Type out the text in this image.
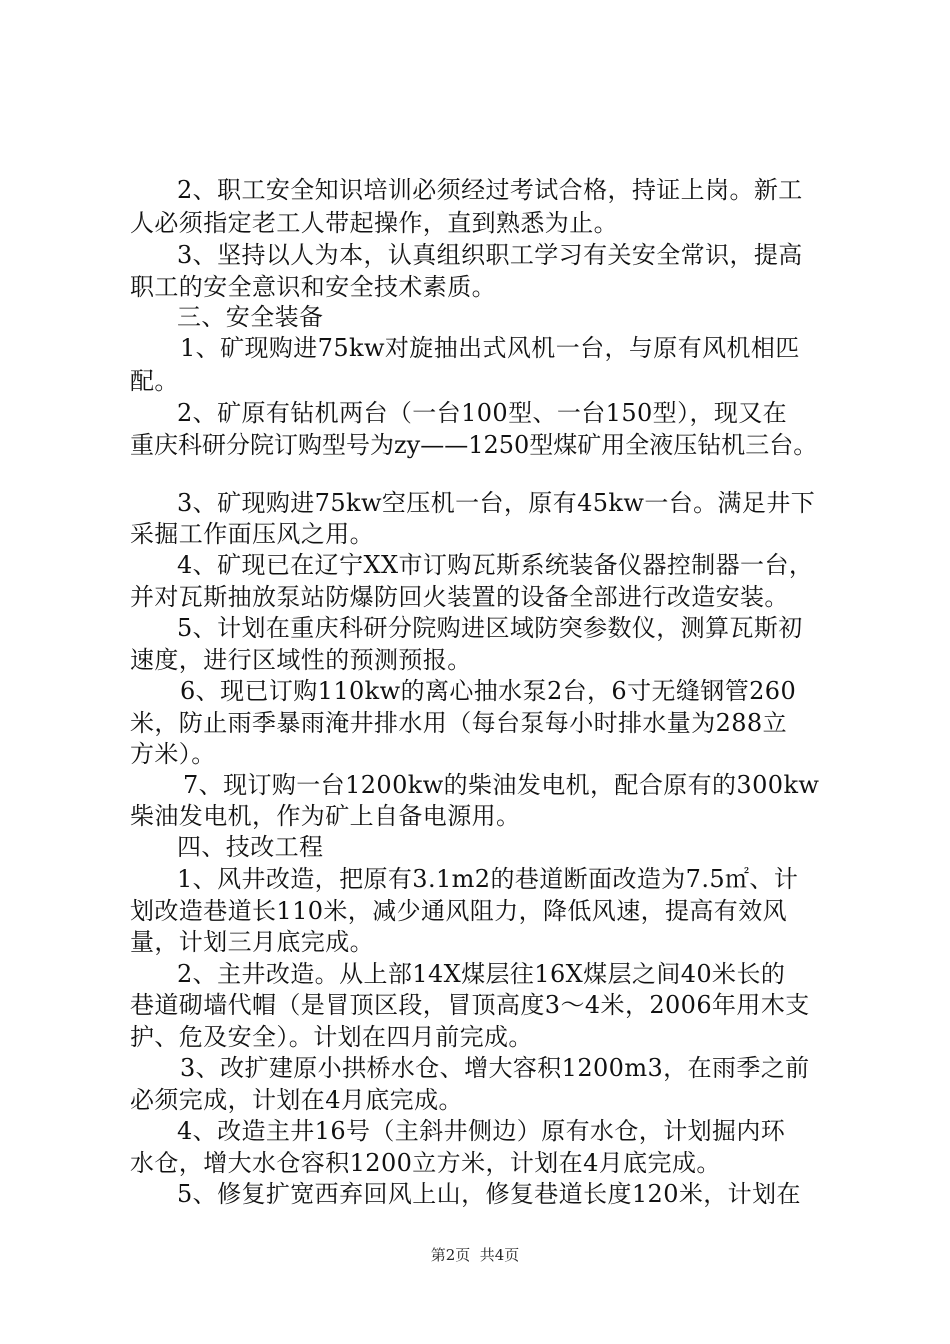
2、职工安全知识培训必须经过考试合格，持证上岗。新工
人必须指定老工人带起操作，直到熟悉为止。
3、坚持以人为本，认真组织职工学习有关安全常识，提高
职工的安全意识和安全技术素质。
三、安全装备
1、矿现购进75kw对旋抽出式风机一台，与原有风机相匹
配。
2、矿原有钻机两台（一台100型、一台150型），现又在
重庆科研分院订购型号为zy——1250型煤矿用全液压钻机三台。
3、矿现购进75kw空压机一台，原有45kw一台。满足井下
采掘工作面压风之用。
4、矿现已在辽宁XX市订购瓦斯系统装备仪器控制器一台，
并对瓦斯抽放泵站防爆防回火装置的设备全部进行改造安装。
5、计划在重庆科研分院购进区域防突参数仪，测算瓦斯初
速度，进行区域性的预测预报。
6、现已订购110kw的离心抽水泵2台，6寸无缝钢管260
米，防止雨季暴雨淹井排水用（每台泵每小时排水量为288立
方米）。
7、现订购一台1200kw的柴油发电机，配合原有的300kw
柴油发电机，作为矿上自备电源用。
四、技改工程
1、风井改造，把原有3.1m2的巷道断面改造为7.5㎡、计
划改造巷道长110米，减少通风阻力，降低风速，提高有效风
量，计划三月底完成。
2、主井改造。从上部14X煤层往16X煤层之间40米长的
巷道砌墙代帽（是冒顶区段，冒顶高度3～4米，2006年用木支
护、危及安全）。计划在四月前完成。
3、改扩建原小拱桥水仓、增大容积1200m3，在雨季之前
必须完成，计划在4月底完成。
4、改造主井16号（主斜井侧边）原有水仓，计划掘内环
水仓，增大水仓容积1200立方米，计划在4月底完成。
5、修复扩宽西弃回风上山，修复巷道长度120米，计划在
第2页  共4页
